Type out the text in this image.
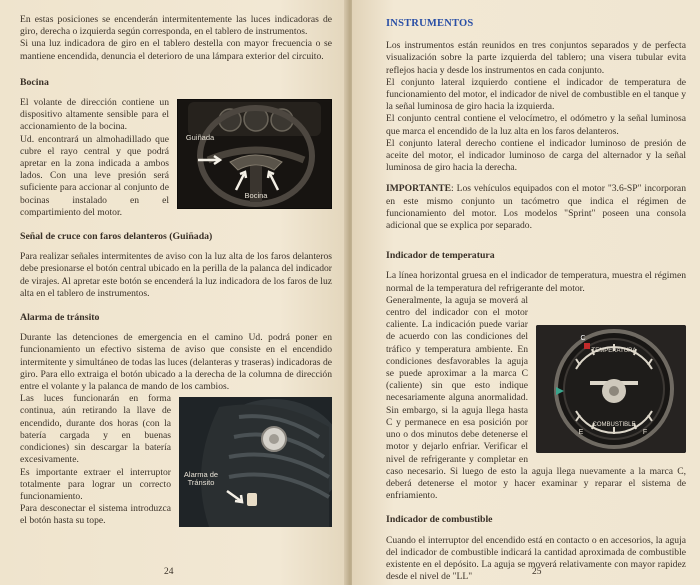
En estas posiciones se encenderán intermitentemente las luces indicadoras de giro, derecha o izquierda según corresponda, en el tablero de instrumentos.

Si una luz indicadora de giro en el tablero destella con mayor frecuencia o se mantiene encendida, denuncia el deterioro de una lámpara exterior del circuito.

Bocina
Guiñada
Bocina

El volante de dirección contiene un dispositivo altamente sensible para el accionamiento de la bocina.

Ud. encontrará un almohadillado que cubre el rayo central y que podrá apretar en la zona indicada a ambos lados. Con una leve presión será suficiente para accionar al conjunto de bocinas instalado en el compartimiento del motor.

Señal de cruce con faros delanteros (Guiñada)

Para realizar señales intermitentes de aviso con la luz alta de los faros delanteros debe presionarse el botón central ubicado en la perilla de la palanca del indicador de virajes. Al apretar este botón se encenderá la luz indicadora de los faros de luz alta en el tablero de instrumentos.

Alarma de tránsito

Durante las detenciones de emergencia en el camino Ud. podrá poner en funcionamiento un efectivo sistema de aviso que consiste en el encendido intermitente y simultáneo de todas las luces (delanteras y traseras) indicadoras de giro. Para ello extraiga el botón ubicado a la derecha de la columna de dirección entre el volante y la palanca de mando de los cambios.

Alarma de Tránsito

Las luces funcionarán en forma continua, aún retirando la llave de encendido, durante dos horas (con la batería cargada y en buenas condiciones) sin descargar la batería excesivamente.

Es importante extraer el interruptor totalmente para lograr un correcto funcionamiento.

Para desconectar el sistema introduzca el botón hasta su tope.

24
INSTRUMENTOS

Los instrumentos están reunidos en tres conjuntos separados y de perfecta visualización sobre la parte izquierda del tablero; una visera tubular evita reflejos hacia y desde los instrumentos en cada conjunto.

El conjunto lateral izquierdo contiene el indicador de temperatura de funcionamiento del motor, el indicador de nivel de combustible en el tanque y la señal luminosa de giro hacia la izquierda.

El conjunto central contiene el velocímetro, el odómetro y la señal luminosa que marca el encendido de la luz alta en los faros delanteros.

El conjunto lateral derecho contiene el indicador luminoso de presión de aceite del motor, el indicador luminoso de carga del alternador y la señal luminosa de giro hacia la derecha.

IMPORTANTE: Los vehículos equipados con el motor "3.6-SP" incorporan en este mismo conjunto un tacómetro que indica el régimen de funcionamiento del motor. Los modelos "Sprint" poseen una consola adicional que se explica por separado.

Indicador de temperatura

La línea horizontal gruesa en el indicador de temperatura, muestra el régimen normal de la temperatura del refrigerante del motor.

TEMPERATURA
COMBUSTIBLE
C
F
E

Generalmente, la aguja se moverá al centro del indicador con el motor caliente. La indicación puede variar de acuerdo con las condiciones del tráfico y temperatura ambiente. En condiciones desfavorables la aguja se puede aproximar a la marca C (caliente) sin que esto indique necesariamente alguna anormalidad. Sin embargo, si la aguja llega hasta C y permanece en esa posición por uno o dos minutos debe detenerse el motor y dejarlo enfriar. Verificar el nivel de refrigerante y completar en caso necesario. Si luego de esto la aguja llega nuevamente a la marca C, deberá detenerse el motor y hacer examinar y reparar el sistema de enfriamiento.

Indicador de combustible

Cuando el interruptor del encendido está en contacto o en accesorios, la aguja del indicador de combustible indicará la cantidad aproximada de combustible existente en el depósito. La aguja se moverá relativamente con mayor rapidez desde el nivel de "LL"	25
